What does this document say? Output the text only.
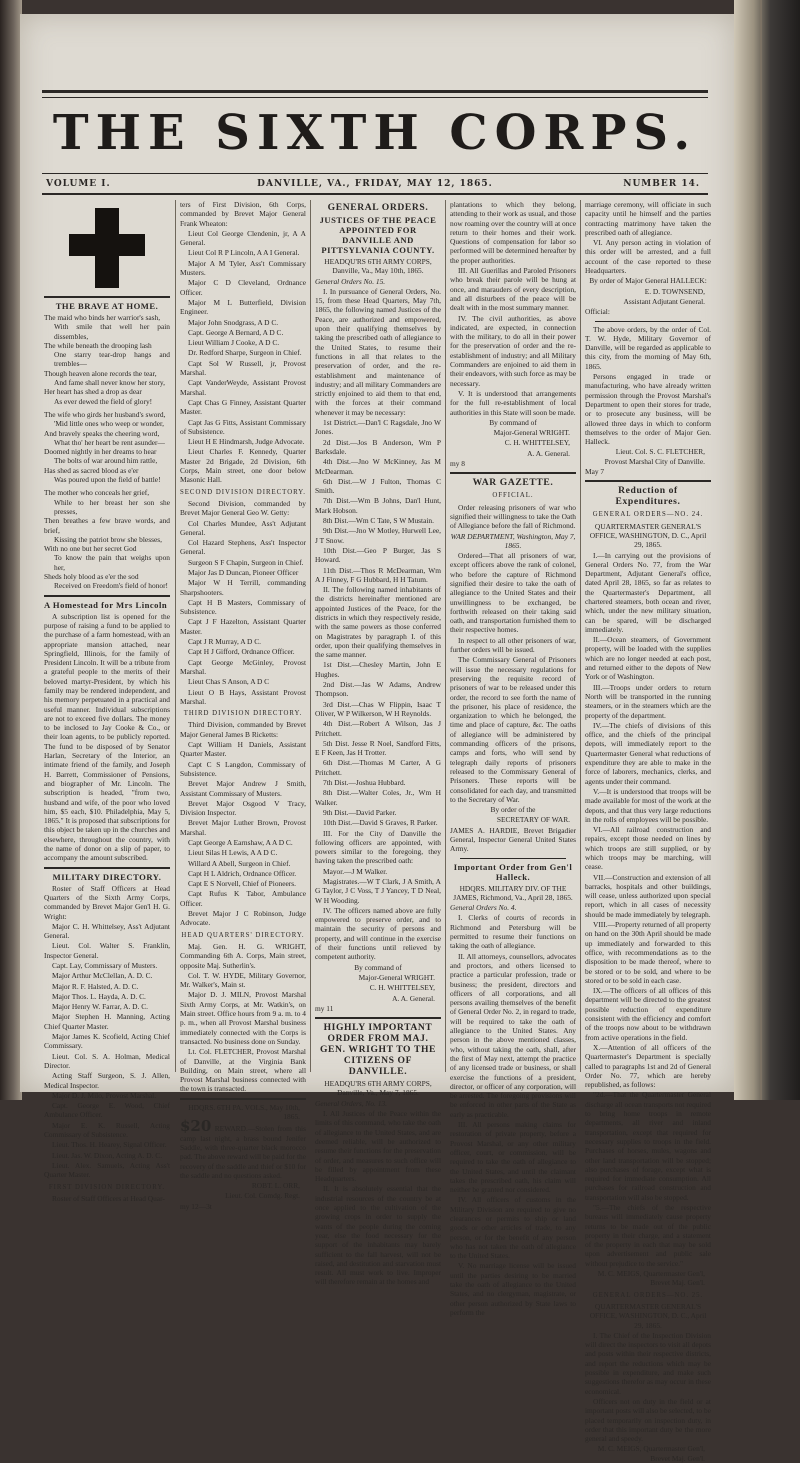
THE SIXTH CORPS.
VOLUME I.	DANVILLE, VA., FRIDAY, MAY 12, 1865.	NUMBER 14.
THE BRAVE AT HOME.

The maid who binds her warrior's sash,

With smile that well her pain dissembles,

The while beneath the drooping lash

One starry tear-drop hangs and trembles—

Though heaven alone records the tear,

And fame shall never know her story,

Her heart has shed a drop as dear

As ever dewed the field of glory!

The wife who girds her husband's sword,

'Mid little ones who weep or wonder,

And bravely speaks the cheering word,

What tho' her heart be rent asunder—

Doomed nightly in her dreams to hear

The bolts of war around him rattle,

Has shed as sacred blood as e'er

Was poured upon the field of battle!

The mother who conceals her grief,

While to her breast her son she presses,

Then breathes a few brave words, and brief,

Kissing the patriot brow she blesses,

With no one but her secret God

To know the pain that weighs upon her,

Sheds holy blood as e'er the sod

Received on Freedom's field of honor!

A Homestead for Mrs Lincoln

A subscription list is opened for the purpose of raising a fund to be applied to the purchase of a farm homestead, with an appropriate mansion attached, near Springfield, Illinois, for the family of President Lincoln. It will be a tribute from a grateful people to the merits of their beloved martyr-President, by which his family may be rendered independent, and his memory perpetuated in a practical and useful manner. Individual subscriptions are not to exceed five dollars. The money to be inclosed to Jay Cooke & Co., or their loan agents, to be publicly reported. The fund to be disposed of by Senator Harlan, Secretary of the Interior, an intimate friend of the family, and Joseph H. Barrett, Commissioner of Pensions, and biographer of Mr. Lincoln. The subscription is headed, "from two, husband and wife, of the poor who loved him, $5 each, $10. Philadelphia, May 5, 1865." It is proposed that subscriptions for this object be taken up in the churches and elsewhere, throughout the country, with the name of donor on a slip of paper, to accompany the amount subscribed.

MILITARY DIRECTORY.

Roster of Staff Officers at Head Quarters of the Sixth Army Corps, commanded by Brevet Major Gen'l H. G. Wright:

Major C. H. Whittelsey, Ass't Adjutant General.

Lieut. Col. Walter S. Franklin, Inspector General.

Capt. Lay, Commissary of Musters.

Major Arthur McClellan, A. D. C.

Major R. F. Halsted, A. D. C.

Major Thos. L. Hayda, A. D. C.

Major Henry W. Farrar, A. D. C.

Major Stephen H. Manning, Acting Chief Quarter Master.

Major James K. Scofield, Acting Chief Commissary.

Lieut. Col. S. A. Holman, Medical Director.

Acting Staff Surgeon, S. J. Allen, Medical Inspector.

Major D. J. Milo, Provost Marshal.

Capt. George E. Wood, Chief Ambulance Officer.

Major E. K. Russell, Acting Commissary of Subsistence.

Lieut. Thos. H. Hearey, Signal Officer.

Lieut. Jas. W. Dixon, Acting A. D. C.

Lieut. Alex. Samuels, Acting Ass't Quarter Master.

FIRST DIVISION DIRECTORY.

Roster of Staff Officers at Head Quar-

ters of First Division, 6th Corps, commanded by Brevet Major General Frank Wheaton:

Lieut Col George Clendenin, jr, A A General.

Lieut Col R P Lincoln, A A I General.

Major A M Tyler, Ass't Commissary Musters.

Major C D Cleveland, Ordnance Officer.

Major M L Butterfield, Division Engineer.

Major John Snodgrass, A D C.

Capt. George A Bernard, A D C.

Lieut William J Cooke, A D C.

Dr. Redford Sharpe, Surgeon in Chief.

Capt Sol W Russell, jr, Provost Marshal.

Capt VanderWeyde, Assistant Provost Marshal.

Capt Chas G Finney, Assistant Quarter Master.

Capt Jas G Fitts, Assistant Commissary of Subsistence.

Lieut H E Hindmarsh, Judge Advocate.

Lieut Charles F. Kennedy, Quarter Master 2d Brigade, 2d Division, 6th Corps, Main street, one door below Masonic Hall.

SECOND DIVISION DIRECTORY.

Second Division, commanded by Brevet Major General Geo W. Getty:

Col Charles Mundee, Ass't Adjutant General.

Col Hazard Stephens, Ass't Inspector General.

Surgeon S F Chapin, Surgeon in Chief.

Major Jas D Duncan, Pioneer Officer

Major W H Terrill, commanding Sharpshooters.

Capt H B Masters, Commissary of Subsistence.

Capt J F Hazelton, Assistant Quarter Master.

Capt J R Murray, A D C.

Capt H J Gifford, Ordnance Officer.

Capt George McGinley, Provost Marshal.

Lieut Chas S Anson, A D C

Lieut O B Hays, Assistant Provost Marshal.

THIRD DIVISION DIRECTORY.

Third Division, commanded by Brevet Major General James B Ricketts:

Capt William H Daniels, Assistant Quarter Master.

Capt C S Langdon, Commissary of Subsistence.

Brevet Major Andrew J Smith, Assistant Commissary of Musters.

Brevet Major Osgood V Tracy, Division Inspector.

Brevet Major Luther Brown, Provost Marshal.

Capt George A Earnshaw, A A D C.

Lieut Silas H Lewis, A A D C.

Willard A Abell, Surgeon in Chief.

Capt H L Aldrich, Ordnance Officer.

Capt E S Norvell, Chief of Pioneers.

Capt Rufus K Tabor, Ambulance Officer.

Brevet Major J C Robinson, Judge Advocate.

HEAD QUARTERS' DIRECTORY.

Maj. Gen. H. G. WRIGHT, Commanding 6th A. Corps, Main street, opposite Maj. Sutherlin's.

Col. T. W. HYDE, Military Governor, Mr. Walker's, Main st.

Major D. J. MILN, Provost Marshal Sixth Army Corps, at Mr. Watkin's, on Main street. Office hours from 9 a. m. to 4 p. m., when all Provost Marshal business immediately connected with the Corps is transacted. No business done on Sunday.

Lt. Col. FLETCHER, Provost Marshal of Danville, at the Virginia Bank Building, on Main street, where all Provost Marshal business connected with the town is transacted.

HDQRS. 6TH PA. VOLS., May 10th, 1865.

$20 REWARD.—Stolen from this camp last night, a brass bound Jenifer Saddle, with three-quarter black morocco pad. The above reward will be paid for the recovery of the saddle and thief or $10 for the saddle and no questions asked.

ROBT. L. ORR,

Lieut. Col. Comdg. Regt.

my 12—3t

GENERAL ORDERS.
JUSTICES OF THE PEACE APPOINTED FOR DANVILLE AND PITTSYLVANIA COUNTY.

HEADQU'RS 6TH ARMY CORPS, Danville, Va., May 10th, 1865.

General Orders No. 15.

I. In pursuance of General Orders, No. 15, from these Head Quarters, May 7th, 1865, the following named Justices of the Peace, are authorized and empowered, upon their qualifying themselves by taking the prescribed oath of allegiance to the United States, to resume their functions in all that relates to the preservation of order, and the re-establishment and maintenance of industry; and all military Commanders are strictly enjoined to aid them to that end, with the forces at their command whenever it may be necessary:

1st District.—Dan'l C Ragsdale, Jno W Jones.

2d Dist.—Jos B Anderson, Wm P Barksdale.

4th Dist.—Jno W McKinney, Jas M McDearman.

6th Dist.—W J Fulton, Thomas C Smith.

7th Dist.—Wm B Johns, Dan'l Hunt, Mark Hobson.

8th Dist.—Wm C Tate, S W Mustain.

9th Dist.—Jno W Motley, Hurwell Lee, J T Snow.

10th Dist.—Geo P Burger, Jas S Howard.

11th Dist.—Thos R McDearman, Wm A J Finney, F G Hubbard, H H Tatum.

II. The following named inhabitants of the districts hereinafter mentioned are appointed Justices of the Peace, for the districts in which they respectively reside, with the same powers as those conferred on Magistrates by paragraph I. of this order, upon their qualifying themselves in the same manner.

1st Dist.—Chesley Martin, John E Hughes.

2nd Dist.—Jas W Adams, Andrew Thompson.

3rd Dist.—Chas W Flippin, Isaac T Oliver, W P Wilkerson, W H Reynolds.

4th Dist.—Robert A Wilson, Jas J Pritchett.

5th Dist. Jesse R Noel, Sandford Fitts, E F Keen, Jas H Trotter.

6th Dist.—Thomas M Carter, A G Pritchett.

7th Dist.—Joshua Hubbard.

8th Dist.—Walter Coles, Jr., Wm H Walker.

9th Dist.—David Parker.

10th Dist.—David S Graves, R Parker.

III. For the City of Danville the following officers are appointed, with powers similar to the foregoing, they having taken the prescribed oath:

Mayor.—J M Walker.

Magistrates.—W T Clark, J A Smith, A G Taylor, J C Voss, T J Yancey, T D Neal, W H Wooding.

IV. The officers named above are fully empowered to preserve order, and to maintain the security of persons and property, and will continue in the exercise of their functions until relieved by competent authority.

By command of

Major-General WRIGHT.

C. H. WHITTELSEY,

A. A. General.

my 11

HIGHLY IMPORTANT ORDER FROM MAJ. GEN. WRIGHT TO THE CITIZENS OF DANVILLE.

HEADQU'RS 6TH ARMY CORPS, Danville, Va., May 7, 1865.

General Orders, No. 13.

I. All Justices of the Peace within the limits of this command, who take the oath of allegiance to the United States, and are deemed reliable, will be authorized to resume their functions for the preservation of order, and measures to such office will be filled by appointment from these Headquarters.

II. It is absolutely essential that the industrial resources of the country be at once applied to the cultivation of the growing crops in order to supply the wants of the people during the coming year, else the food necessary for the support of the inhabitants may barely sufficient to the fall harvest, will not be raised, and destitution and starvation must result. All must work to live. Improper will therefore remain at the homes and

plantations to which they belong, attending to their work as usual, and those now roaming over the country will at once return to their homes and their work. Questions of compensation for labor so performed will be determined hereafter by the proper authorities.

III. All Guerillas and Paroled Prisoners who break their parole will be hung at once, and marauders of every description, and all disturbers of the peace will be dealt with in the most summary manner.

IV. The civil authorities, as above indicated, are expected, in connection with the military, to do all in their power for the preservation of order and the re-establishment of industry; and all Military Commanders are enjoined to aid them in their endeavors, with such force as may be necessary.

V. It is understood that arrangements for the full re-establishment of local authorities in this State will soon be made.

By command of

Major-General WRIGHT.

C. H. WHITTELSEY,

A. A. General.

my 8

WAR GAZETTE.
OFFICIAL.

Order releasing prisoners of war who signified their willingness to take the Oath of Allegiance before the fall of Richmond.

WAR DEPARTMENT, Washington, May 7, 1865.

Ordered—That all prisoners of war, except officers above the rank of colonel, who before the capture of Richmond signified their desire to take the oath of allegiance to the United States and their unwillingness to be exchanged, be forthwith released on their taking said oath, and transportation furnished them to their respective homes.

In respect to all other prisoners of war, further orders will be issued.

The Commissary General of Prisoners will issue the necessary regulations for preserving the requisite record of prisoners of war to be released under this order, the record to see forth the name of the prisoner, his place of residence, the organization to which he belonged, the time and place of capture, &c. The oaths of allegiance will be administered by commanding officers of the prisons, camps and forts, who will send by telegraph daily reports of prisoners released to the Commissary General of Prisoners. These reports will be consolidated for each day, and transmitted to the Secretary of War.

By order of the

SECRETARY OF WAR.

JAMES A. HARDIE, Brevet Brigadier General, Inspector General United States Army.

Important Order from Gen'l Halleck.

HDQRS. MILITARY DIV. OF THE JAMES, Richmond, Va., April 28, 1865.

General Orders No. 4.

I. Clerks of courts of records in Richmond and Petersburg will be permitted to resume their functions on taking the oath of allegiance.

II. All attorneys, counsellors, advocates and proctors, and others licensed to practice a particular profession, trade or business; the president, directors and officers of all corporations, and all persons availing themselves of the benefit of General Order No. 2, in regard to trade, will be required to take the oath of allegiance to the United States. Any person in the above mentioned classes, who, without taking the oath, shall, after the first of May next, attempt the practice of any licensed trade or business, or shall exercise the functions of a president, director, or officer of any corporation, will be arrested. The foregoing provisions will be enforced in other parts of the State as early as practicable.

III. All persons making claims for restoration of private property, before a Provost Marshal, or any other military officer, court, or commission, will be required to take the oath of allegiance to the United States, and until the claimant takes the prescribed oath, his claim will neither be granted nor considered.

IV. All officers of customs in the Military Division are required to give no clearances or permits to ship or land goods or other articles of trade, to any person, or for the benefit of any person who has not taken the oath of allegiance to the United States.

V. No marriage license will be issued until the parties desiring to be married take the oath of allegiance to the United States, and no clergyman, magistrate, or other person authorized by State laws to perform the

marriage ceremony, will officiate in such capacity until he himself and the parties contracting matrimony have taken the prescribed oath of allegiance.

VI. Any person acting in violation of this order will be arrested, and a full account of the case reported to these Headquarters.

By order of Major General HALLECK:

E. D. TOWNSEND,

Assistant Adjutant General.

Official:

The above orders, by the order of Col. T. W. Hyde, Military Governor of Danville, will be regarded as applicable to this city, from the morning of May 6th, 1865.

Persons engaged in trade or manufacturing, who have already written permission through the Provost Marshal's Department to open their stores for trade, or to prosecute any business, will be allowed three days in which to conform themselves to the order of Major Gen. Halleck.

Lieut. Col. S. C. FLETCHER, Provost Marshal City of Danville.

May 7

Reduction of Expenditures.
GENERAL ORDERS—NO. 24.

QUARTERMASTER GENERAL'S OFFICE, WASHINGTON, D. C., April 29, 1865.

I.—In carrying out the provisions of General Orders No. 77, from the War Department, Adjutant General's office, dated April 28, 1865, so far as relates to the Quartermaster's Department, all chartered steamers, both ocean and river, which, under the new military situation, can be spared, will be discharged immediately.

II.—Ocean steamers, of Government property, will be loaded with the supplies which are no longer needed at each post, and returned either to the depots of New York or of Washington.

III.—Troops under orders to return North will be transported in the running steamers, or in the steamers which are the property of the department.

IV.—The chiefs of divisions of this office, and the chiefs of the principal depots, will immediately report to the Quartermaster General what reductions of expenditure they are able to make in the force of laborers, mechanics, clerks, and agents under their command.

V.—It is understood that troops will be made available for most of the work at the depots, and that thus very large reductions in the rolls of employees will be possible.

VI.—All railroad construction and repairs, except those needed on lines by which troops are still supplied, or by which troops may be marching, will cease.

VII.—Construction and extension of all barracks, hospitals and other buildings, will cease, unless authorized upon special report, which in all cases of necessity should be made immediately by telegraph.

VIII.—Property returned of all property on hand on the 30th April should be made up immediately and forwarded to this office, with recommendations as to the disposition to be made thereof, where to be stored or to be sold, and where to be stored or to be sold in each case.

IX.—The officers of all offices of this department will be directed to the greatest possible reduction of expenditure consistent with the efficiency and comfort of the troops now about to be withdrawn from active operations in the field.

X.—Attention of all officers of the Quartermaster's Department is specially called to paragraphs 1st and 2d of General Order No. 77, which are hereby republished, as follows:

"2d.—That the Quartermaster General discharge all ocean transports not required to bring home troops in remote departments, all river and inland transportation, except that required for necessary supplies to troops in the field. Purchases of horses, mules, wagons and other land transportation will be stopped; also purchases of forage, except what is required for immediate consumption. All purchases for railroad construction and transportation will also be stopped.

"5.—The chiefs of the respective bureaus will immediately cause property returns to be made out of the public property in their charge, and a statement of the property in each that may be sold upon advertisement and public sale without prejudice to the service."

M. C. MEIGS, Quartermaster Gen'l, Brevet Maj. Gen'l.

GENERAL ORDERS—NO. 25.

QUARTERMASTER GENERAL'S OFFICE, WASHINGTON, D. C., April 29, 1865.

I. The Chief of the Inspection Division will direct the inspectors to visit all depots and posts within their respective districts, and report the reductions which may be possible in expenditure, and make such suggestions therefor as may occur in these economical.

Officers not on duty in the field or at important posts will also be selected, to be placed temporarily on inspection duty, in order that this important duty be the more general and speedy.

M. C. MEIGS, Quartermaster Gen'l, Brevet Maj. Gen'l.
